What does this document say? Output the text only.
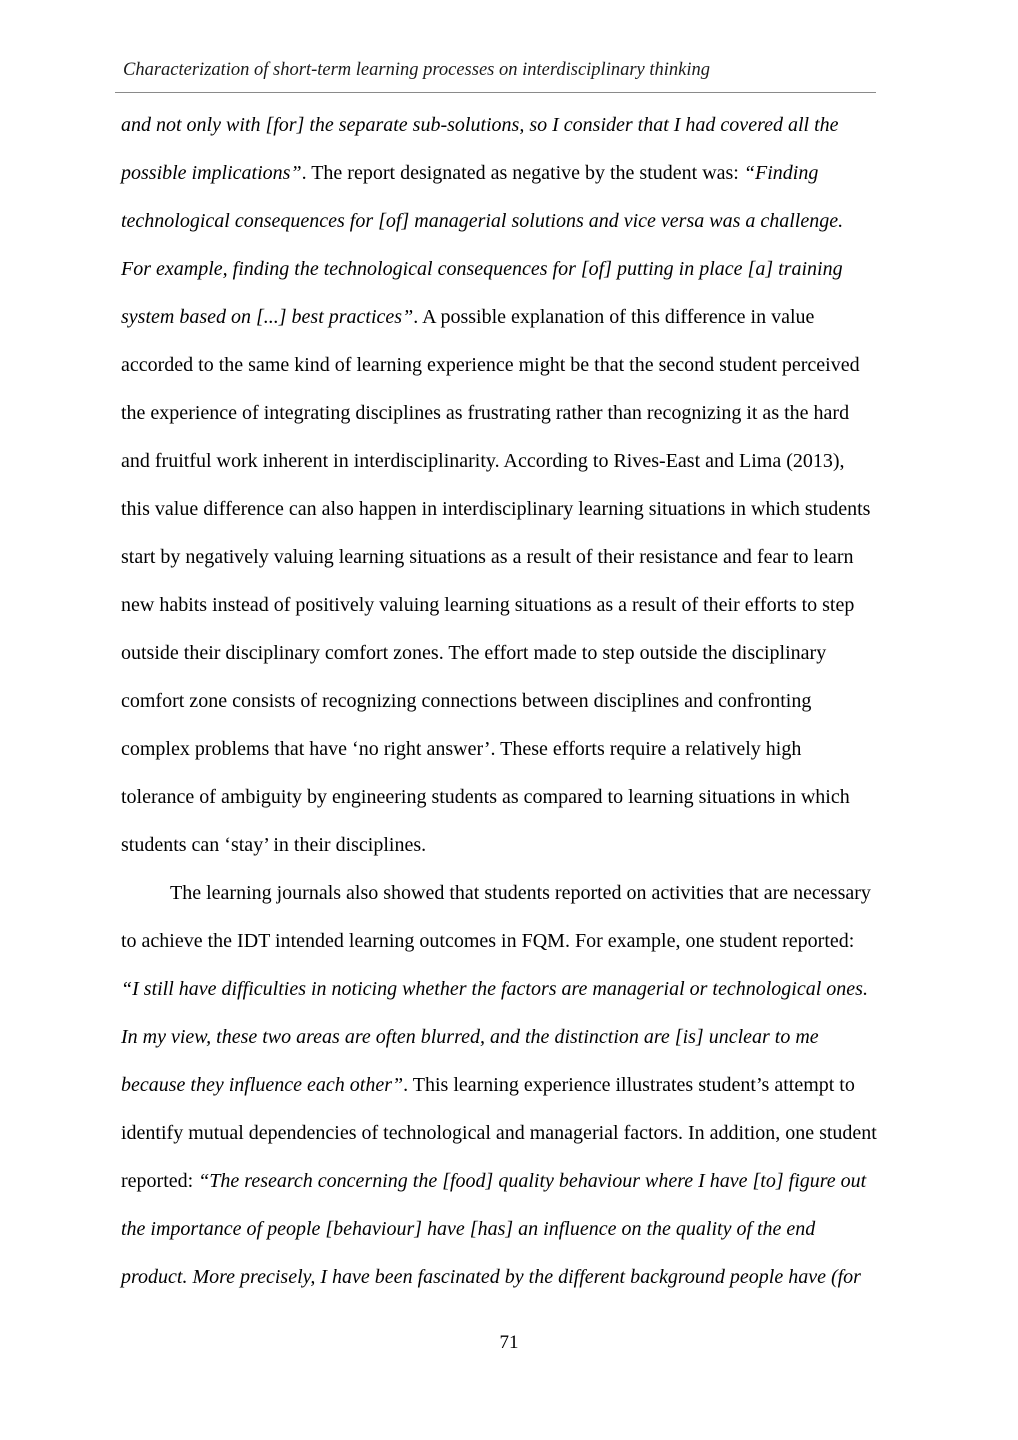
Characterization of short-term learning processes on interdisciplinary thinking
and not only with [for] the separate sub-solutions, so I consider that I had covered all the
possible implications”. The report designated as negative by the student was: “Finding
technological consequences for [of] managerial solutions and vice versa was a challenge.
For example, finding the technological consequences for [of] putting in place [a] training
system based on [...] best practices”. A possible explanation of this difference in value
accorded to the same kind of learning experience might be that the second student perceived
the experience of integrating disciplines as frustrating rather than recognizing it as the hard
and fruitful work inherent in interdisciplinarity. According to Rives-East and Lima (2013),
this value difference can also happen in interdisciplinary learning situations in which students
start by negatively valuing learning situations as a result of their resistance and fear to learn
new habits instead of positively valuing learning situations as a result of their efforts to step
outside their disciplinary comfort zones. The effort made to step outside the disciplinary
comfort zone consists of recognizing connections between disciplines and confronting
complex problems that have ‘no right answer’. These efforts require a relatively high
tolerance of ambiguity by engineering students as compared to learning situations in which
students can ‘stay’ in their disciplines.
The learning journals also showed that students reported on activities that are necessary
to achieve the IDT intended learning outcomes in FQM. For example, one student reported:
“I still have difficulties in noticing whether the factors are managerial or technological ones.
In my view, these two areas are often blurred, and the distinction are [is] unclear to me
because they influence each other”. This learning experience illustrates student’s attempt to
identify mutual dependencies of technological and managerial factors. In addition, one student
reported: “The research concerning the [food] quality behaviour where I have [to] figure out
the importance of people [behaviour] have [has] an influence on the quality of the end
product. More precisely, I have been fascinated by the different background people have (for
71
